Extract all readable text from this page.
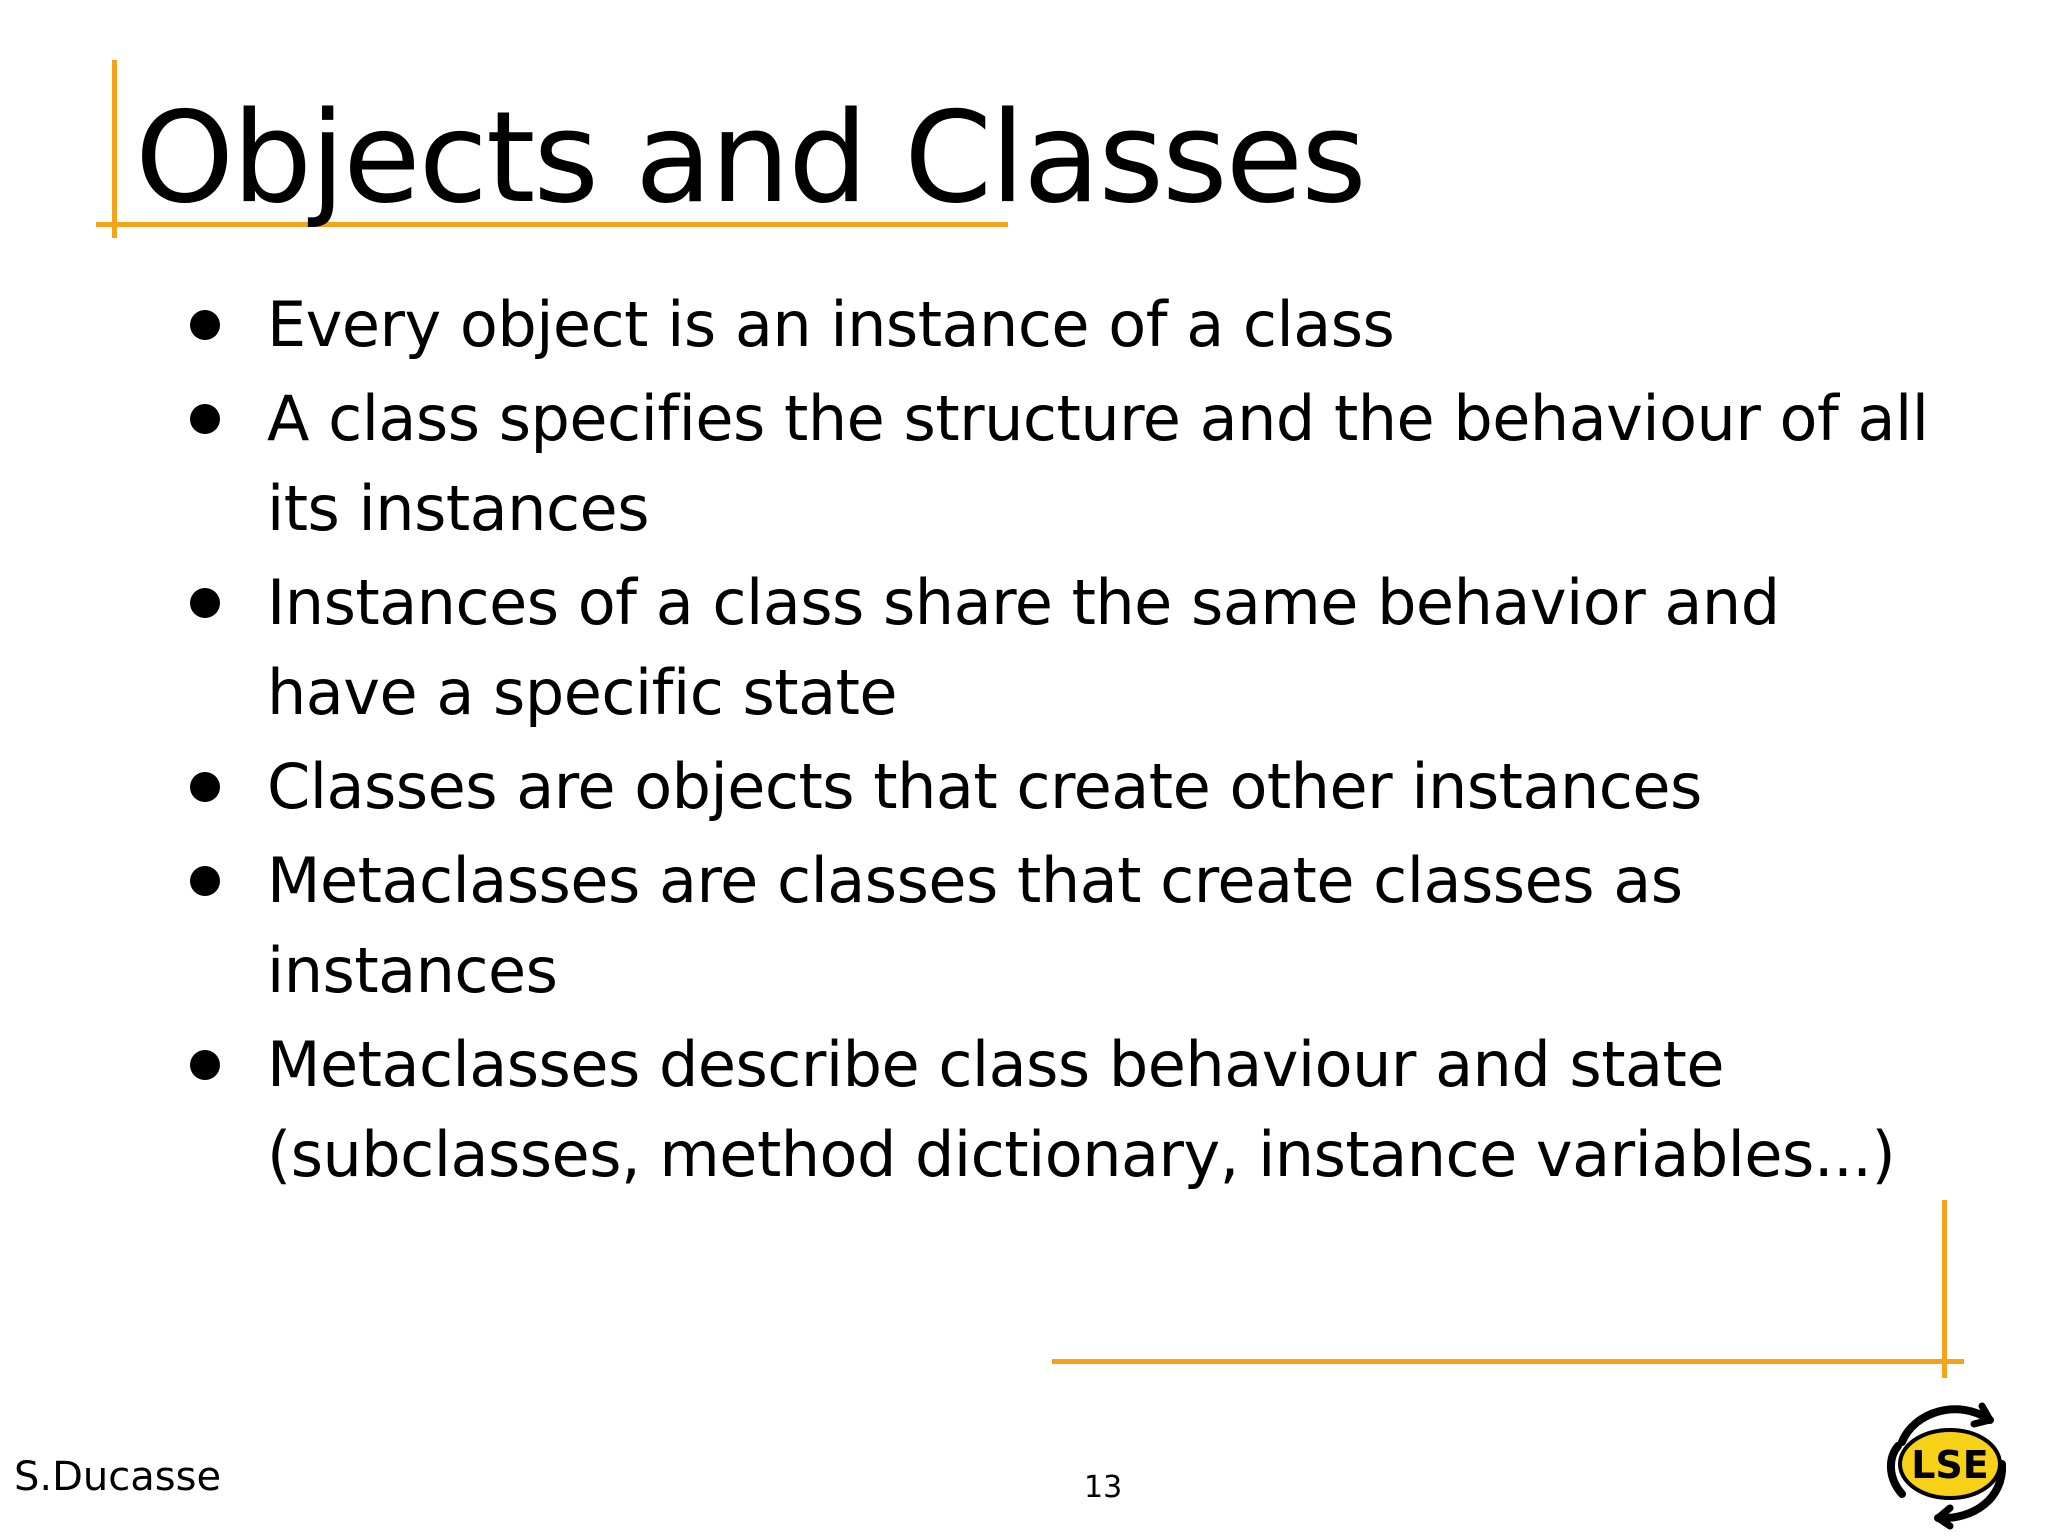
Objects and Classes
Every object is an instance of a class
A class specifies the structure and the behaviour of all its instances
Instances of a class share the same behavior and have a specific state
Classes are objects that create other instances
Metaclasses are classes that create classes as instances
Metaclasses describe class behaviour and state (subclasses, method dictionary, instance variables...)
S.Ducasse	13
LSE
